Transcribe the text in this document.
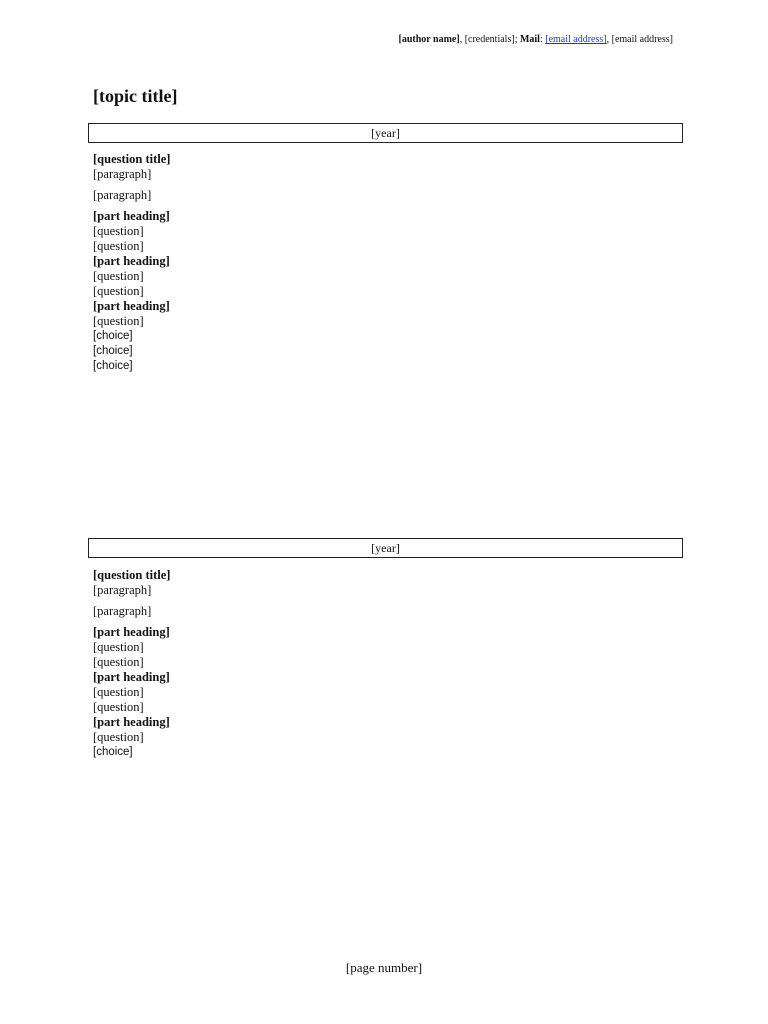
[author name], [credentials]; Mail: [email address], [email address]
[topic title]
[year]
[question title]

[paragraph]

[paragraph]

[part heading]
[question]
[question]
[part heading]
[question]
[question]
[part heading]
[question]
[choice]
[choice]
[choice]
[year]
[question title]

[paragraph]

[paragraph]

[part heading]
[question]
[question]
[part heading]
[question]
[question]
[part heading]
[question]
[choice]
[page number]
